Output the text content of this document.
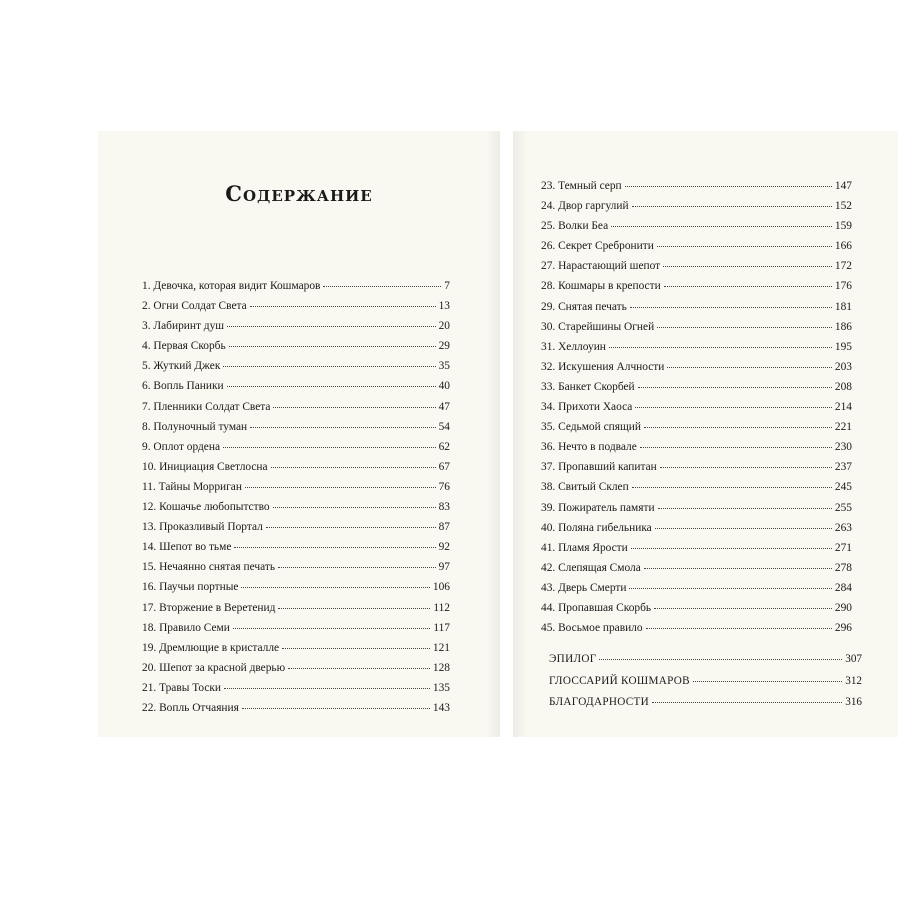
Содержание
1. Девочка, которая видит Кошмаров	7
2. Огни Солдат Света	13
3. Лабиринт душ	20
4. Первая Скорбь	29
5. Жуткий Джек	35
6. Вопль Паники	40
7. Пленники Солдат Света	47
8. Полуночный туман	54
9. Оплот ордена	62
10. Инициация Светлосна	67
11. Тайны Морриган	76
12. Кошачье любопытство	83
13. Проказливый Портал	87
14. Шепот во тьме	92
15. Нечаянно снятая печать	97
16. Паучьи портные	106
17. Вторжение в Веретенид	112
18. Правило Семи	117
19. Дремлющие в кристалле	121
20. Шепот за красной дверью	128
21. Травы Тоски	135
22. Вопль Отчаяния	143
23. Темный серп	147
24. Двор гаргулий	152
25. Волки Беа	159
26. Секрет Сребронити	166
27. Нарастающий шепот	172
28. Кошмары в крепости	176
29. Снятая печать	181
30. Старейшины Огней	186
31. Хеллоуин	195
32. Искушения Алчности	203
33. Банкет Скорбей	208
34. Прихоти Хаоса	214
35. Седьмой спящий	221
36. Нечто в подвале	230
37. Пропавший капитан	237
38. Свитый Склеп	245
39. Пожиратель памяти	255
40. Поляна гибельника	263
41. Пламя Ярости	271
42. Слепящая Смола	278
43. Дверь Смерти	284
44. Пропавшая Скорбь	290
45. Восьмое правило	296
ЭПИЛОГ	307
ГЛОССАРИЙ КОШМАРОВ	312
БЛАГОДАРНОСТИ	316
